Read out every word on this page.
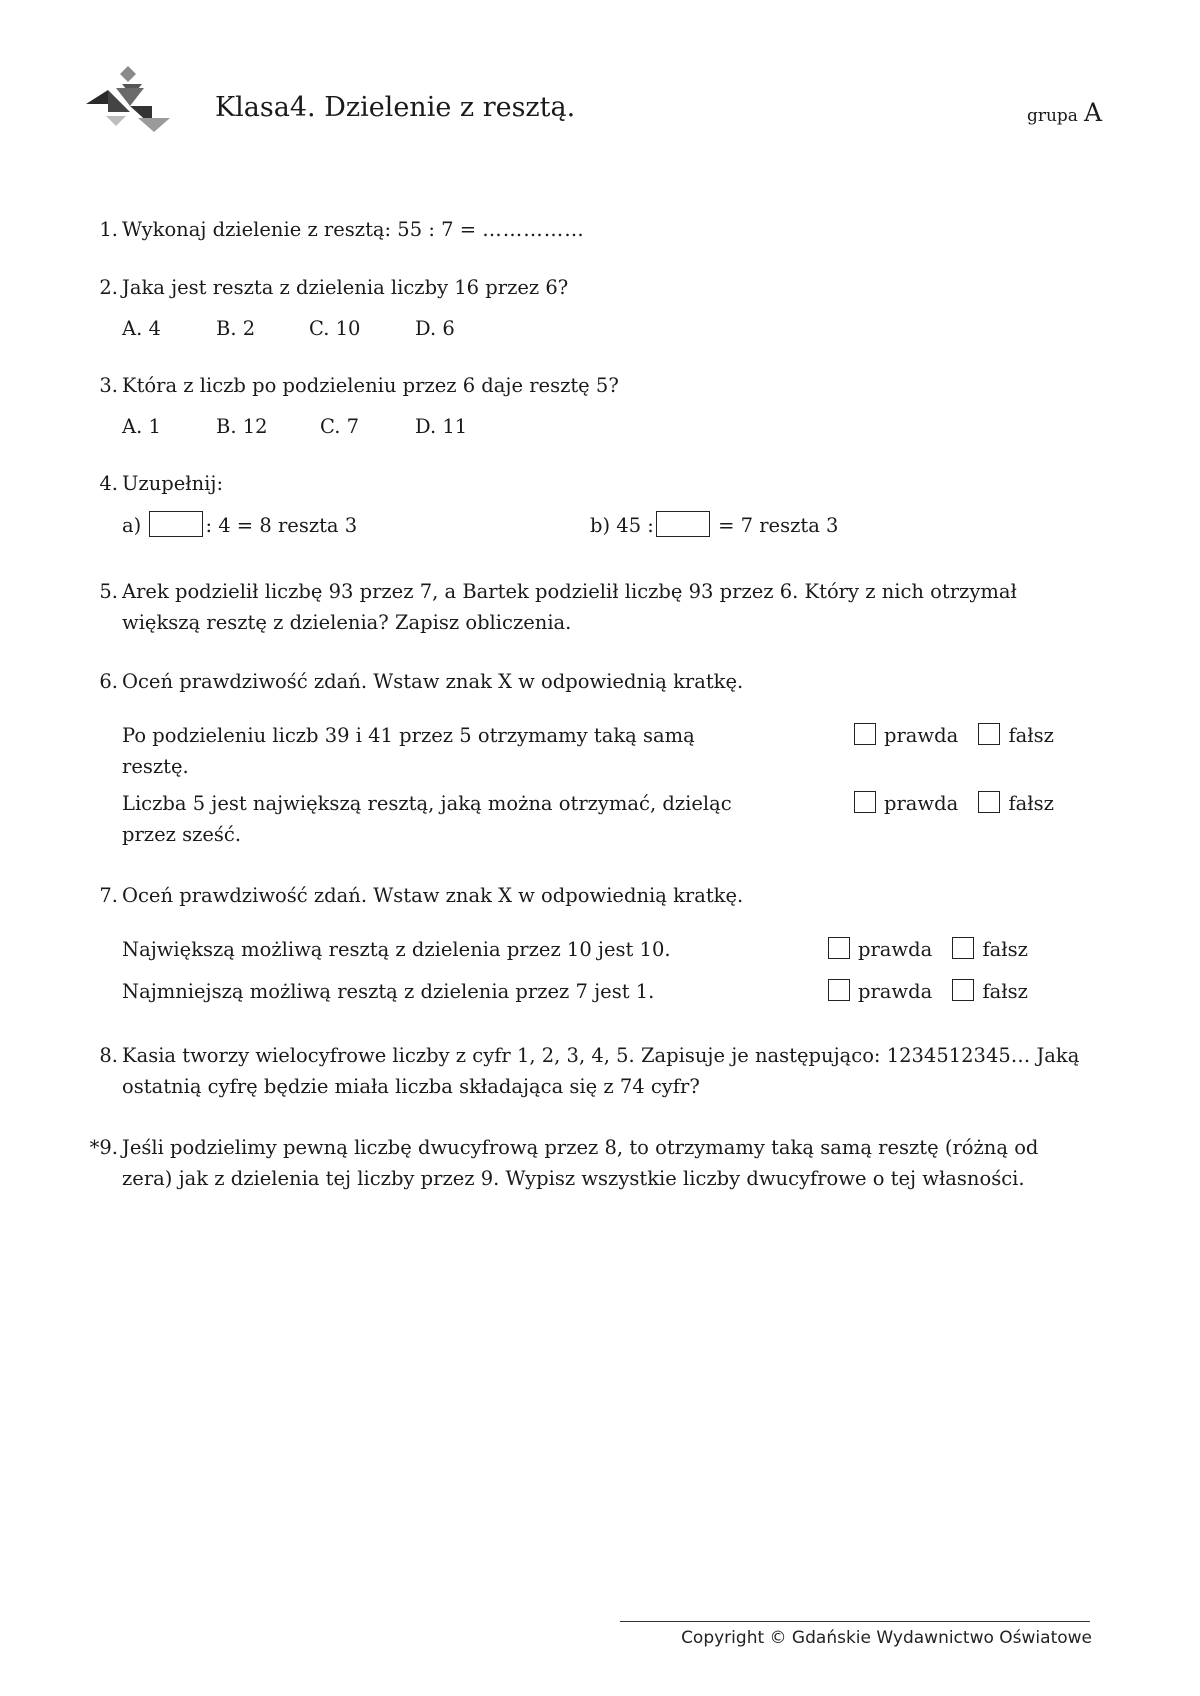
Klasa4. Dzielenie z resztą.	grupa A
1. Wykonaj dzielenie z resztą: 55 : 7 = ……………
2. Jaka jest reszta z dzielenia liczby 16 przez 6?
A. 4	B. 2	C. 10	D. 6
3. Która z liczb po podzieleniu przez 6 daje resztę 5?
A. 1	B. 12	C. 7	D. 11
4. Uzupełnij:
a)	: 4 = 8 reszta 3	b) 45 :	= 7 reszta 3
5. Arek podzielił liczbę 93 przez 7, a Bartek podzielił liczbę 93 przez 6. Który z nich otrzymał większą resztę z dzielenia? Zapisz obliczenia.
6. Oceń prawdziwość zdań. Wstaw znak X w odpowiednią kratkę.
Po podzieleniu liczb 39 i 41 przez 5 otrzymamy taką samą resztę.
prawda	fałsz
Liczba 5 jest największą resztą, jaką można otrzymać, dzieląc przez sześć.
prawda	fałsz
7. Oceń prawdziwość zdań. Wstaw znak X w odpowiednią kratkę.
Największą możliwą resztą z dzielenia przez 10 jest 10.	prawda	fałsz
Najmniejszą możliwą resztą z dzielenia przez 7 jest 1.	prawda	fałsz
8. Kasia tworzy wielocyfrowe liczby z cyfr 1, 2, 3, 4, 5. Zapisuje je następująco: 1234512345… Jaką ostatnią cyfrę będzie miała liczba składająca się z 74 cyfr?
*9. Jeśli podzielimy pewną liczbę dwucyfrową przez 8, to otrzymamy taką samą resztę (różną od zera) jak z dzielenia tej liczby przez 9. Wypisz wszystkie liczby dwucyfrowe o tej własności.
Copyright © Gdańskie Wydawnictwo Oświatowe
